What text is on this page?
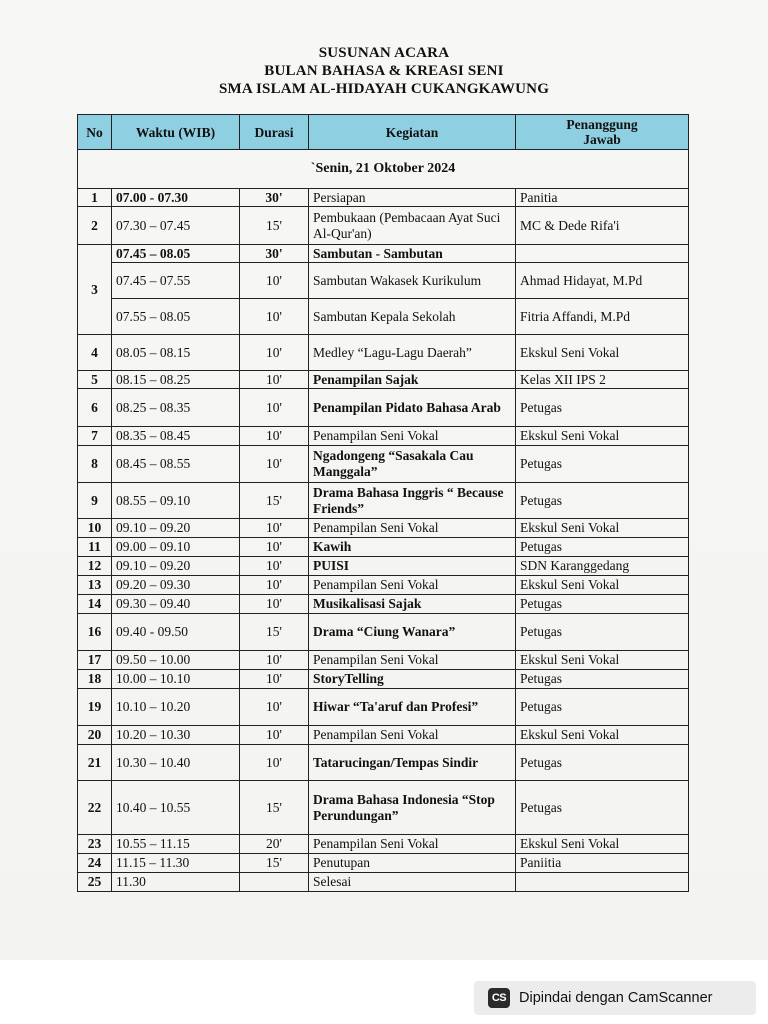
SUSUNAN ACARA
BULAN BAHASA & KREASI SENI
SMA ISLAM AL-HIDAYAH CUKANGKAWUNG
No	Waktu (WIB)	Durasi	Kegiatan	Penanggung
Jawab
`Senin, 21 Oktober 2024				
1	07.00 - 07.30	30'	Persiapan	Panitia
2	07.30 – 07.45	15'	Pembukaan (Pembacaan Ayat Suci Al-Qur'an)	MC & Dede Rifa'i
3	07.45 – 08.05	30'	Sambutan - Sambutan	
	07.45 – 07.55	10'	Sambutan Wakasek Kurikulum	Ahmad Hidayat, M.Pd
	07.55 – 08.05	10'	Sambutan Kepala Sekolah	Fitria Affandi, M.Pd
4	08.05 – 08.15	10'	Medley “Lagu-Lagu Daerah”	Ekskul Seni Vokal
5	08.15 – 08.25	10'	Penampilan Sajak	Kelas XII IPS 2
6	08.25 – 08.35	10'	Penampilan Pidato Bahasa Arab	Petugas
7	08.35 – 08.45	10'	Penampilan Seni Vokal	Ekskul Seni Vokal
8	08.45 – 08.55	10'	Ngadongeng “Sasakala Cau Manggala”	Petugas
9	08.55 – 09.10	15'	Drama Bahasa Inggris “ Because Friends”	Petugas
10	09.10 – 09.20	10'	Penampilan Seni Vokal	Ekskul Seni Vokal
11	09.00 – 09.10	10'	Kawih	Petugas
12	09.10 – 09.20	10'	PUISI	SDN Karanggedang
13	09.20 – 09.30	10'	Penampilan Seni Vokal	Ekskul Seni Vokal
14	09.30 – 09.40	10'	Musikalisasi Sajak	Petugas
16	09.40 - 09.50	15'	Drama “Ciung Wanara”	Petugas
17	09.50 – 10.00	10'	Penampilan Seni Vokal	Ekskul Seni Vokal
18	10.00 – 10.10	10'	StoryTelling	Petugas
19	10.10 – 10.20	10'	Hiwar “Ta'aruf dan Profesi”	Petugas
20	10.20 – 10.30	10'	Penampilan Seni Vokal	Ekskul Seni Vokal
21	10.30 – 10.40	10'	Tatarucingan/Tempas Sindir	Petugas
22	10.40 – 10.55	15'	Drama Bahasa Indonesia “Stop Perundungan”	Petugas
23	10.55 – 11.15	20'	Penampilan Seni Vokal	Ekskul Seni Vokal
24	11.15 – 11.30	15'	Penutupan	Paniitia
25	11.30		Selesai	
CS Dipindai dengan CamScanner
